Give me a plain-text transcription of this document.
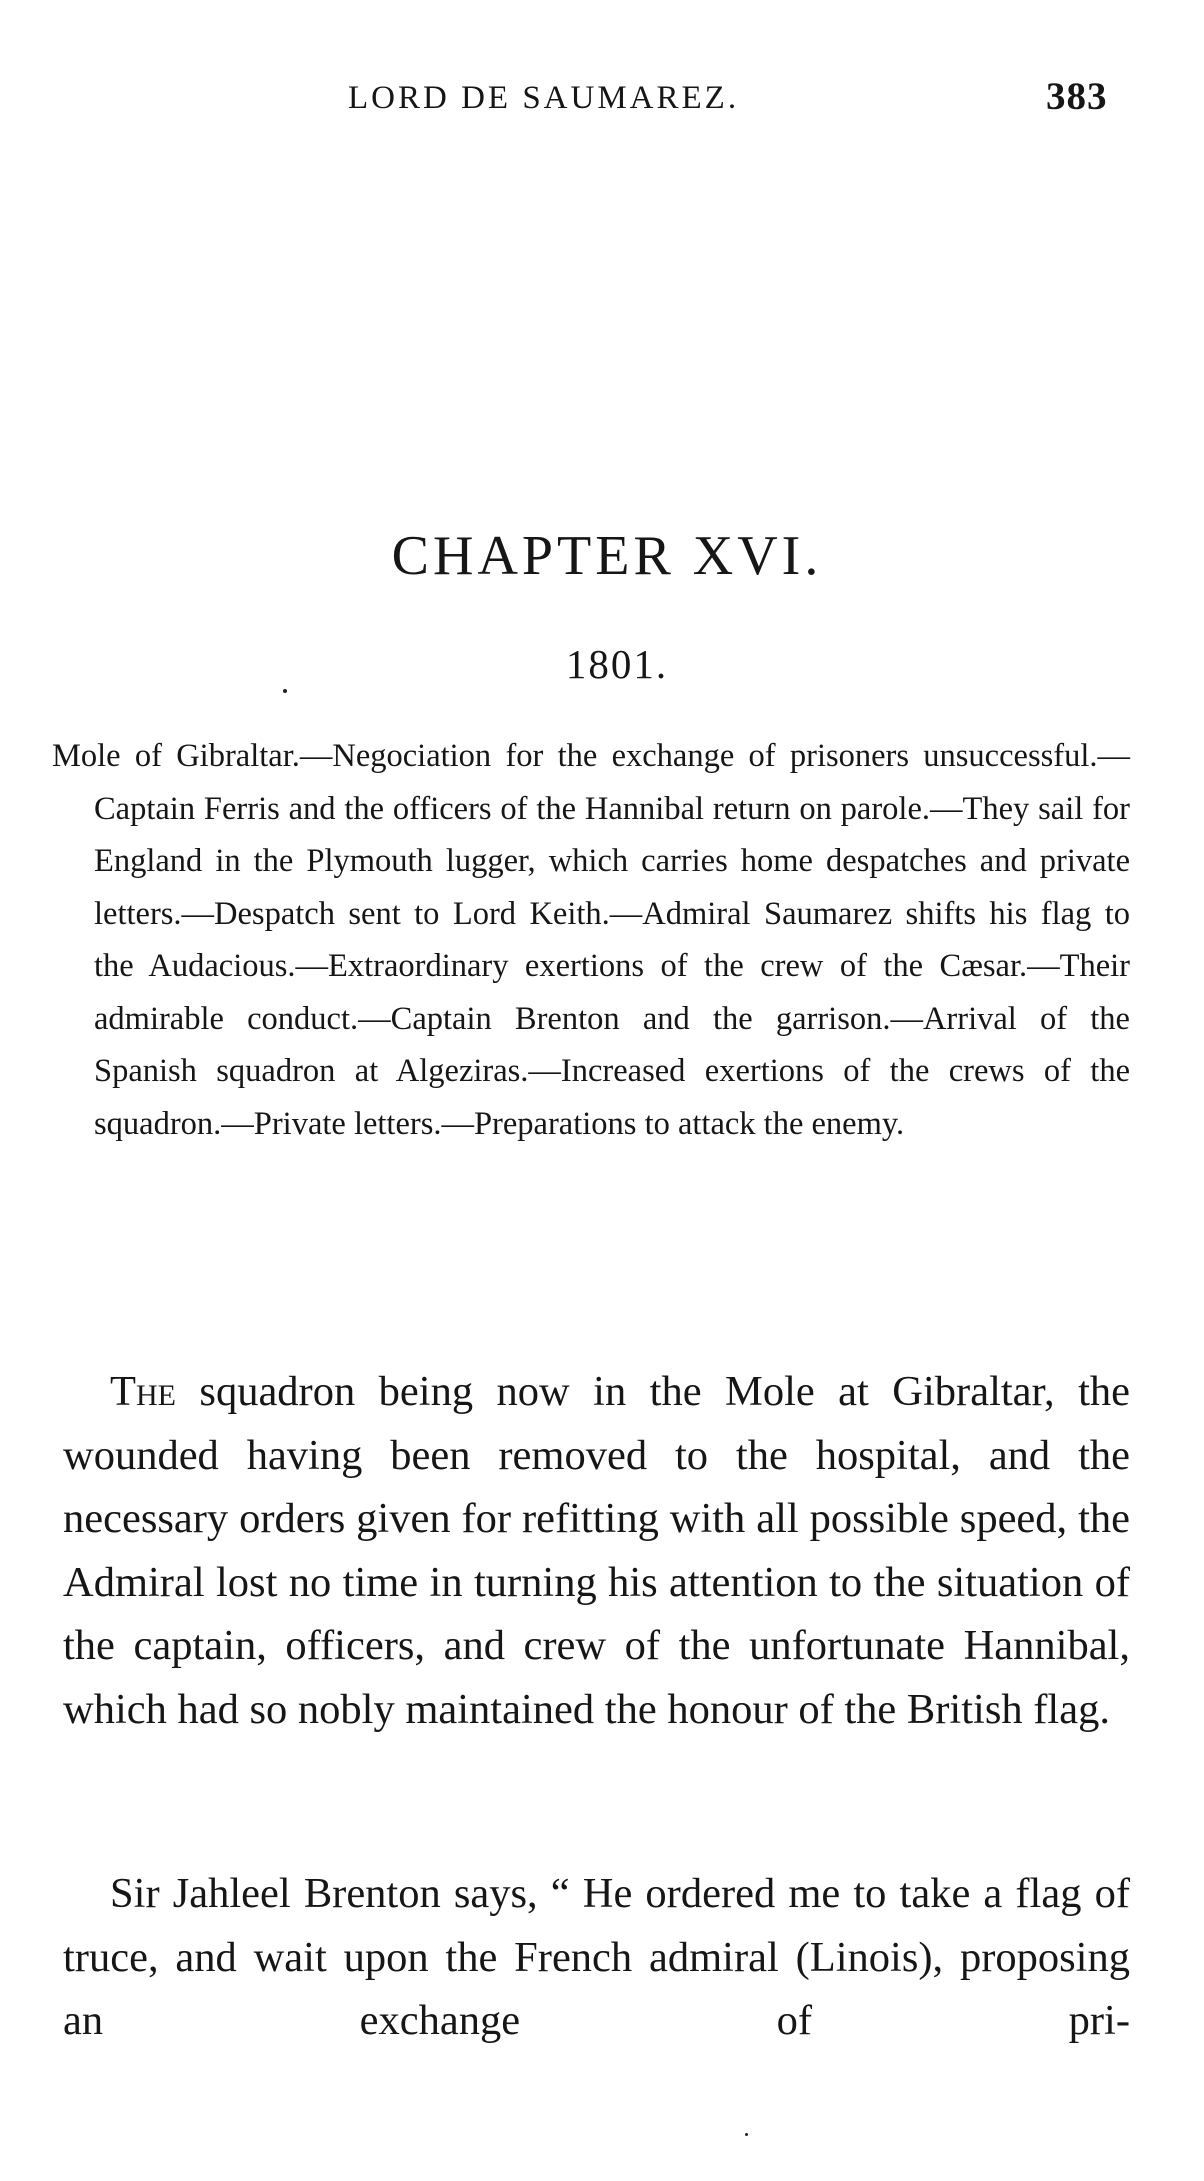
LORD DE SAUMAREZ.	383
CHAPTER XVI.
1801.

Mole of Gibraltar.—Negociation for the exchange of prisoners unsuccessful.—Captain Ferris and the officers of the Hannibal return on parole.—They sail for England in the Plymouth lugger, which carries home despatches and private letters.—Despatch sent to Lord Keith.—Admiral Saumarez shifts his flag to the Audacious.—Extraordinary exertions of the crew of the Cæsar.—Their admirable conduct.—Captain Brenton and the garrison.—Arrival of the Spanish squadron at Algeziras.—Increased exertions of the crews of the squadron.—Private letters.—Preparations to attack the enemy.

The squadron being now in the Mole at Gibraltar, the wounded having been removed to the hospital, and the necessary orders given for refitting with all possible speed, the Admiral lost no time in turning his attention to the situation of the captain, officers, and crew of the unfortunate Hannibal, which had so nobly maintained the honour of the British flag.

Sir Jahleel Brenton says, “ He ordered me to take a flag of truce, and wait upon the French admiral (Linois), proposing an exchange of pri-
